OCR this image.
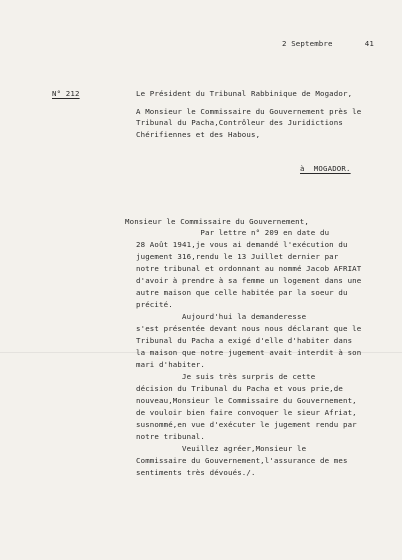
2 Septembre       41
N° 212	Le Président du Tribunal Rabbinique de Mogador,
A Monsieur le Commissaire du Gouvernement près le
Tribunal du Pacha,Contrôleur des Juridictions
Chérifiennes et des Habous,
à  MOGADOR.
Monsieur le Commissaire du Gouvernement,
Par lettre n° 209 en date du
28 Août 1941,je vous ai demandé l'exécution du
jugement 316,rendu le 13 Juillet dernier par
notre tribunal et ordonnant au nommé Jacob AFRIAT
d'avoir à prendre à sa femme un logement dans une
autre maison que celle habitée par la soeur du
précité.
Aujourd'hui la demanderesse
s'est présentée devant nous nous déclarant que le
Tribunal du Pacha a exigé d'elle d'habiter dans
la maison que notre jugement avait interdit à son
mari d'habiter.
Je suis très surpris de cette
décision du Tribunal du Pacha et vous prie,de
nouveau,Monsieur le Commissaire du Gouvernement,
de vouloir bien faire convoquer le sieur Afriat,
susnommé,en vue d'exécuter le jugement rendu par
notre tribunal.
Veuillez agréer,Monsieur le
Commissaire du Gouvernement,l'assurance de mes
sentiments très dévoués./.
